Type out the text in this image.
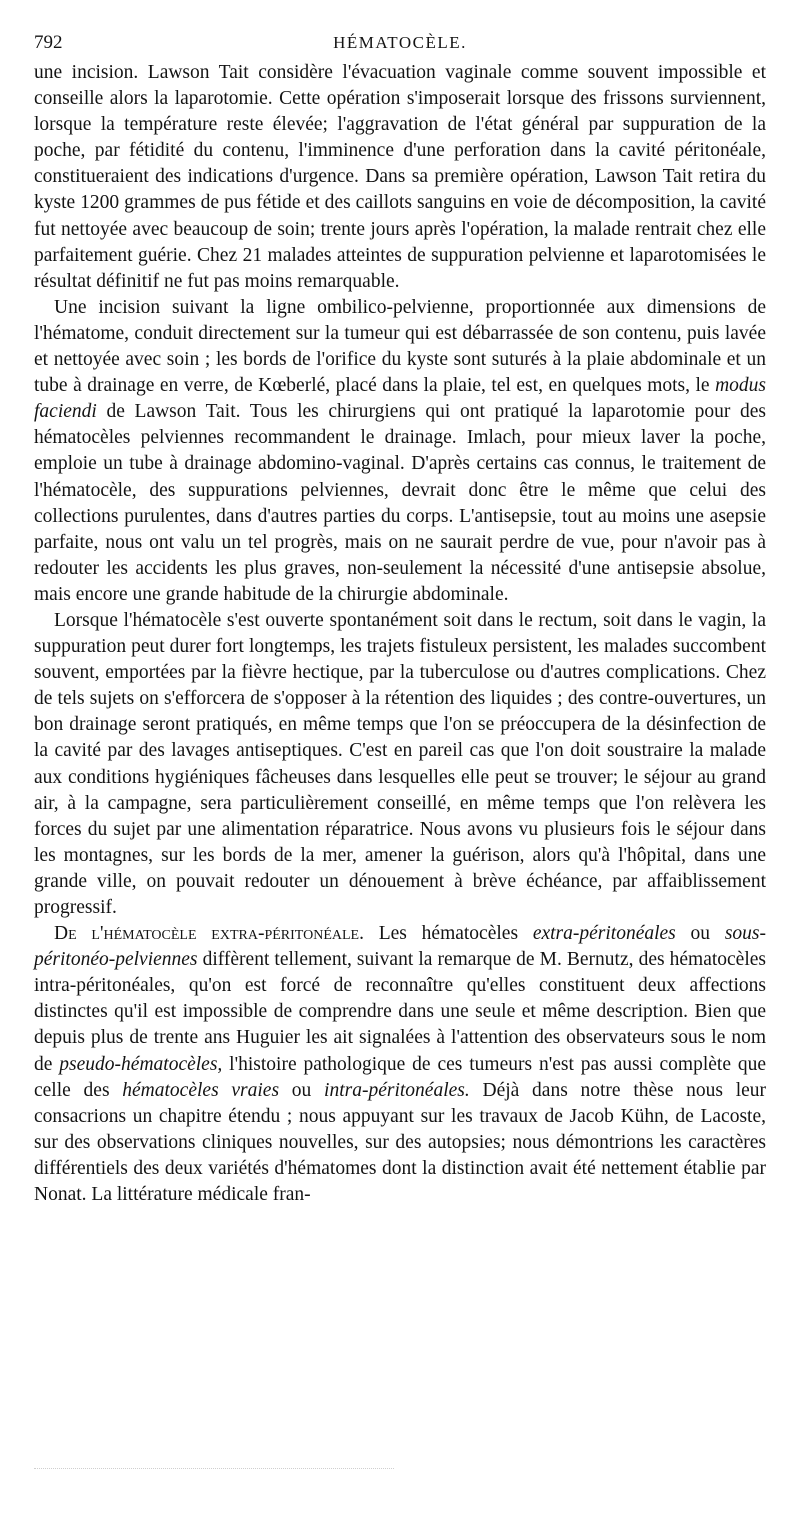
792	HÉMATOCÈLE.

une incision. Lawson Tait considère l'évacuation vaginale comme souvent impossible et conseille alors la laparotomie. Cette opération s'imposerait lorsque des frissons surviennent, lorsque la température reste élevée; l'aggravation de l'état général par suppuration de la poche, par fétidité du contenu, l'imminence d'une perforation dans la cavité péritonéale, constitueraient des indications d'urgence. Dans sa première opération, Lawson Tait retira du kyste 1200 grammes de pus fétide et des caillots sanguins en voie de décomposition, la cavité fut nettoyée avec beaucoup de soin; trente jours après l'opération, la malade rentrait chez elle parfaitement guérie. Chez 21 malades atteintes de suppuration pelvienne et laparotomisées le résultat définitif ne fut pas moins remarquable.

Une incision suivant la ligne ombilico-pelvienne, proportionnée aux dimensions de l'hématome, conduit directement sur la tumeur qui est débarrassée de son contenu, puis lavée et nettoyée avec soin ; les bords de l'orifice du kyste sont suturés à la plaie abdominale et un tube à drainage en verre, de Kœberlé, placé dans la plaie, tel est, en quelques mots, le modus faciendi de Lawson Tait. Tous les chirurgiens qui ont pratiqué la laparotomie pour des hématocèles pelviennes recommandent le drainage. Imlach, pour mieux laver la poche, emploie un tube à drainage abdomino-vaginal. D'après certains cas connus, le traitement de l'hématocèle, des suppurations pelviennes, devrait donc être le même que celui des collections purulentes, dans d'autres parties du corps. L'antisepsie, tout au moins une asepsie parfaite, nous ont valu un tel progrès, mais on ne saurait perdre de vue, pour n'avoir pas à redouter les accidents les plus graves, non-seulement la nécessité d'une antisepsie absolue, mais encore une grande habitude de la chirurgie abdominale.

Lorsque l'hématocèle s'est ouverte spontanément soit dans le rectum, soit dans le vagin, la suppuration peut durer fort longtemps, les trajets fistuleux persistent, les malades succombent souvent, emportées par la fièvre hectique, par la tuberculose ou d'autres complications. Chez de tels sujets on s'efforcera de s'opposer à la rétention des liquides ; des contre-ouvertures, un bon drainage seront pratiqués, en même temps que l'on se préoccupera de la désinfection de la cavité par des lavages antiseptiques. C'est en pareil cas que l'on doit soustraire la malade aux conditions hygiéniques fâcheuses dans lesquelles elle peut se trouver; le séjour au grand air, à la campagne, sera particulièrement conseillé, en même temps que l'on relèvera les forces du sujet par une alimentation réparatrice. Nous avons vu plusieurs fois le séjour dans les montagnes, sur les bords de la mer, amener la guérison, alors qu'à l'hôpital, dans une grande ville, on pouvait redouter un dénouement à brève échéance, par affaiblissement progressif.

De l'hématocèle extra-péritonéale. Les hématocèles extra-péritonéales ou sous-péritonéo-pelviennes diffèrent tellement, suivant la remarque de M. Bernutz, des hématocèles intra-péritonéales, qu'on est forcé de reconnaître qu'elles constituent deux affections distinctes qu'il est impossible de comprendre dans une seule et même description. Bien que depuis plus de trente ans Huguier les ait signalées à l'attention des observateurs sous le nom de pseudo-hématocèles, l'histoire pathologique de ces tumeurs n'est pas aussi complète que celle des hématocèles vraies ou intra-péritonéales. Déjà dans notre thèse nous leur consacrions un chapitre étendu ; nous appuyant sur les travaux de Jacob Kühn, de Lacoste, sur des observations cliniques nouvelles, sur des autopsies; nous démontrions les caractères différentiels des deux variétés d'hématomes dont la distinction avait été nettement établie par Nonat. La littérature médicale fran-
